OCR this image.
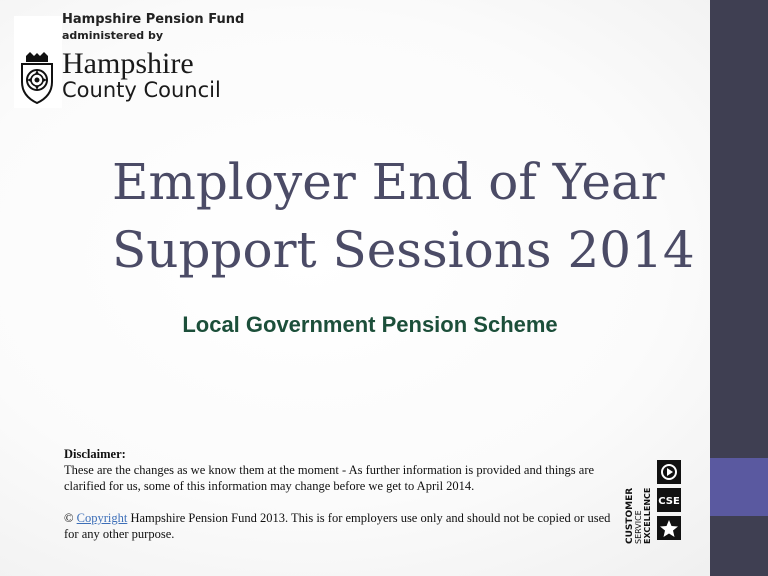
Hampshire Pension Fund
administered by
Hampshire
County Council
Employer End of Year
Support Sessions 2014
Local Government Pension Scheme

Disclaimer:

These are the changes as we know them at the moment - As further information is provided and things are clarified for us, some of this information may change before we get to April 2014.

© Copyright Hampshire Pension Fund 2013. This is for employers use only and should not be copied or used for any other purpose.	CUSTOMER SERVICE EXCELLENCE CSE
